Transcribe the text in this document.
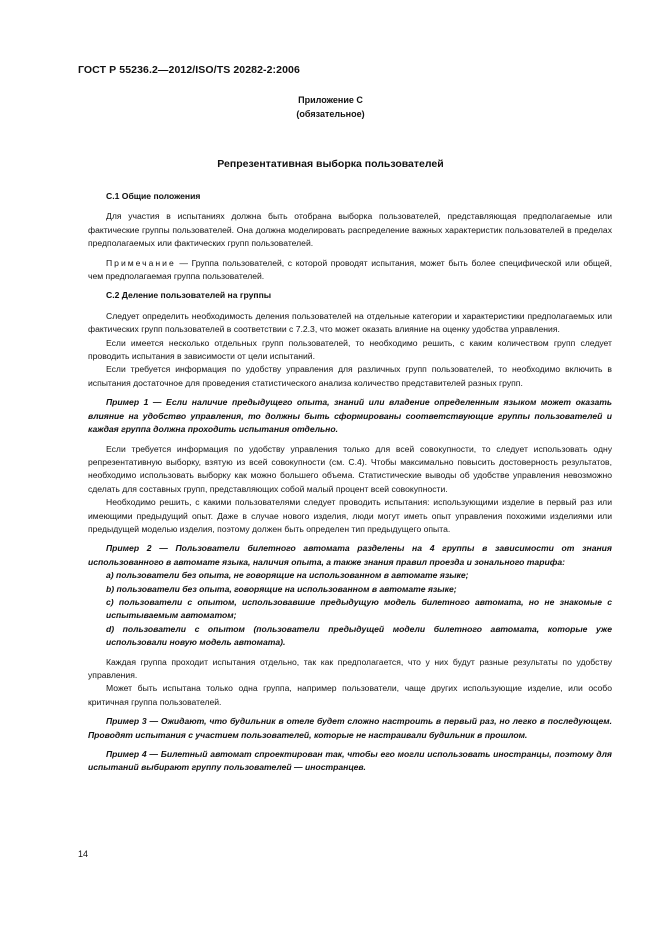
ГОСТ Р 55236.2—2012/ISO/TS 20282-2:2006
Приложение С
(обязательное)
Репрезентативная выборка пользователей
С.1 Общие положения

Для участия в испытаниях должна быть отобрана выборка пользователей, представляющая предполагаемые или фактические группы пользователей. Она должна моделировать распределение важных характеристик пользователей в пределах предполагаемых или фактических групп пользователей.

Примечание — Группа пользователей, с которой проводят испытания, может быть более специфической или общей, чем предполагаемая группа пользователей.

С.2 Деление пользователей на группы

Следует определить необходимость деления пользователей на отдельные категории и характеристики предполагаемых или фактических групп пользователей в соответствии с 7.2.3, что может оказать влияние на оценку удобства управления.

Если имеется несколько отдельных групп пользователей, то необходимо решить, с каким количеством групп следует проводить испытания в зависимости от цели испытаний.

Если требуется информация по удобству управления для различных групп пользователей, то необходимо включить в испытания достаточное для проведения статистического анализа количество представителей разных групп.

Пример 1 — Если наличие предыдущего опыта, знаний или владение определенным языком может оказать влияние на удобство управления, то должны быть сформированы соответствующие группы пользователей и каждая группа должна проходить испытания отдельно.

Если требуется информация по удобству управления только для всей совокупности, то следует использовать одну репрезентативную выборку, взятую из всей совокупности (см. С.4). Чтобы максимально повысить достоверность результатов, необходимо использовать выборку как можно большего объема. Статистические выводы об удобстве управления невозможно сделать для составных групп, представляющих собой малый процент всей совокупности.

Необходимо решить, с какими пользователями следует проводить испытания: использующими изделие в первый раз или имеющими предыдущий опыт. Даже в случае нового изделия, люди могут иметь опыт управления похожими изделиями или предыдущей моделью изделия, поэтому должен быть определен тип предыдущего опыта.

Пример 2 — Пользователи билетного автомата разделены на 4 группы в зависимости от знания использованного в автомате языка, наличия опыта, а также знания правил проезда и зонального тарифа:

a) пользователи без опыта, не говорящие на использованном в автомате языке;

b) пользователи без опыта, говорящие на использованном в автомате языке;

c) пользователи с опытом, использовавшие предыдущую модель билетного автомата, но не знакомые с испытываемым автоматом;

d) пользователи с опытом (пользователи предыдущей модели билетного автомата, которые уже использовали новую модель автомата).

Каждая группа проходит испытания отдельно, так как предполагается, что у них будут разные результаты по удобству управления.

Может быть испытана только одна группа, например пользователи, чаще других использующие изделие, или особо критичная группа пользователей.

Пример 3 — Ожидают, что будильник в отеле будет сложно настроить в первый раз, но легко в последующем. Проводят испытания с участием пользователей, которые не настраивали будильник в прошлом.

Пример 4 — Билетный автомат спроектирован так, чтобы его могли использовать иностранцы, поэтому для испытаний выбирают группу пользователей — иностранцев.

14
